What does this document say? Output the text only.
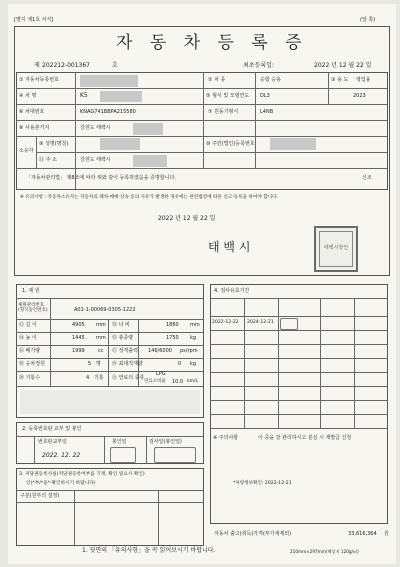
[별지 제1호 서식]	(앞 쪽)
자 동 차 등 록 증
제 202212-001367	호	최초등록일:	2022 년 12 월 22 일
① 자동차등록번호	② 차 종	승합 승용	③ 용 도 영업용
④ 차 명	K5	⑤ 형식 및 모델연도 DL3	2023
⑥ 차대번호	KNAG741BBPA215580	⑦ 원동기형식	L4NB
⑧ 사용본거지	강원도 태백시
소유자
⑨ 성명(명칭)	⑩ 주민(법인)등록번호
⑪ 주 소	강원도 태백시
「자동차관리법」 제8조에 따라 위와 같이 등록하였음을 증명합니다.	신조
※ 유의사항 : 자동차소유자는 자동차의 폐차·매매·상속 등의 사유가 발생한 경우에는 관련법령에 따른 신고·등록을 하여야 합니다.
2022 년 12 월 22 일
태 백 시	태백시장인
1. 제 원
제원관리번호(형식승인번호)	A01-1-00069-0305-1222
⑫ 길 이	4905 mm ⑬ 너 비	1860 mm
⑭ 높 이	1445 mm ⑮ 총중량	1750 kg
⑯ 배기량	1999	cc ⑰ 정격출력 146/6000 ps/rpm
⑱ 승차정원	5 명 ⑲ 최대적재량	0 kg
⑳ 기통수	4 기통 ㉑ 연료의 종류
LPG
연료소비율 10.0 km/L
2. 등록번호판 교부 및 봉인
번호판교부일	봉인일	검사일(봉인일)
2022. 12. 22
3. 저당권등록사실(저당권등록여부를 기재, 확인 필요시 확인)
인(*부/*을*·확인하시기 바랍니다)
구분(원부의 설정)
4. 검사유효기간
2022-12-22 2024-12-21
※ 주의사항	이 증을 잘 관리하시고 분실 시 재발급 신청
*차량정보확인: 2022-12-21
자동차 출고(취득)가격(부가세제외)	33,616,364 원
1. 뒷면의 「유의사항」을 꼭 읽어보시기 바랍니다.	210mm×297mm(백상지 120g/㎡)
